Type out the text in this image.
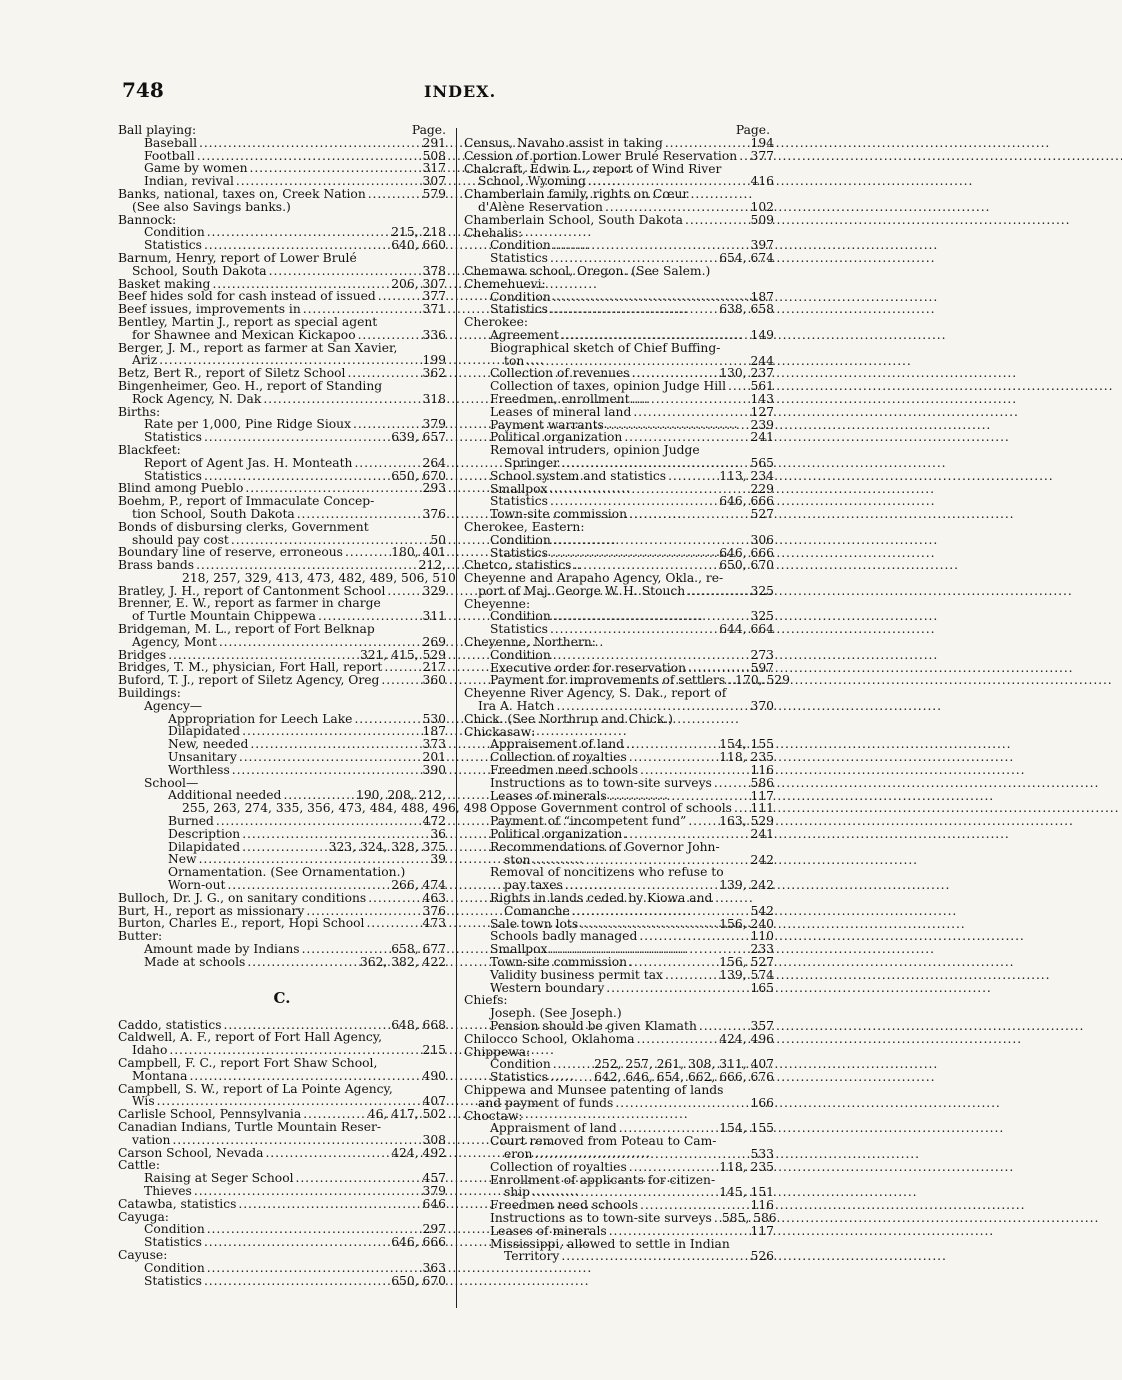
748	INDEX.
Ball playing:	Page.
Baseball . . .	291
Football . . .	508
Game by women . . .	317
Indian, revival . . .	307
Banks, national, taxes on, Creek Nation . . .	579
(See also Savings banks.)
Bannock:
Condition . . .	215, 218
Statistics . . .	640, 660
Barnum, Henry, report of Lower Brulé
School, South Dakota . . .	378
Basket making . . .	206, 307
Beef hides sold for cash instead of issued . . .	377
Beef issues, improvements in . . .	371
Bentley, Martin J., report as special agent
for Shawnee and Mexican Kickapoo . . .	336
Berger, J. M., report as farmer at San Xavier,
Ariz . . .	199
Betz, Bert R., report of Siletz School . . .	362
Bingenheimer, Geo. H., report of Standing
Rock Agency, N. Dak . . .	318
Births:
Rate per 1,000, Pine Ridge Sioux . . .	379
Statistics . . .	639, 657
Blackfeet:
Report of Agent Jas. H. Monteath . . .	264
Statistics . . .	650, 670
Blind among Pueblo . . .	293
Boehm, P., report of Immaculate Concep-
tion School, South Dakota . . .	376
Bonds of disbursing clerks, Government
should pay cost . . .	50
Boundary line of reserve, erroneous . . .	180, 401
Brass bands . . .	212,
218, 257, 329, 413, 473, 482, 489, 506, 510
Bratley, J. H., report of Cantonment School . . .	329
Brenner, E. W., report as farmer in charge
of Turtle Mountain Chippewa . . .	311
Bridgeman, M. L., report of Fort Belknap
Agency, Mont . . .	269
Bridges . . .	321, 415, 529
Bridges, T. M., physician, Fort Hall, report . . .	217
Buford, T. J., report of Siletz Agency, Oreg . . .	360
Buildings:
Agency—
Appropriation for Leech Lake . . .	530
Dilapidated . . .	187
New, needed . . .	373
Unsanitary . . .	201
Worthless . . .	390
School—
Additional needed . . .	190, 208, 212,
255, 263, 274, 335, 356, 473, 484, 488, 496, 498
Burned . . .	472
Description . . .	36
Dilapidated . . .	323, 324, 328, 375
New . . .	39
Ornamentation. (See Ornamentation.)
Worn-out . . .	266, 474
Bulloch, Dr. J. G., on sanitary conditions . . .	463
Burt, H., report as missionary . . .	376
Burton, Charles E., report, Hopi School . . .	473
Butter:
Amount made by Indians . . .	658, 677
Made at schools . . .	362, 382, 422
C.
Caddo, statistics . . .	648, 668
Caldwell, A. F., report of Fort Hall Agency,
Idaho . . .	215
Campbell, F. C., report Fort Shaw School,
Montana . . .	490
Campbell, S. W., report of La Pointe Agency,
Wis . . .	407
Carlisle School, Pennsylvania . . .	46, 417, 502
Canadian Indians, Turtle Mountain Reser-
vation . . .	308
Carson School, Nevada . . .	424, 492
Cattle:
Raising at Seger School . . .	457
Thieves . . .	379
Catawba, statistics . . .	646
Cayuga:
Condition . . .	297
Statistics . . .	646, 666
Cayuse:
Condition . . .	363
Statistics . . .	650, 670
Page.
Census, Navaho assist in taking . . .	194
Cession of portion Lower Brulé Reservation . . . 377
Chalcraft, Edwin L., report of Wind River
School, Wyoming . . .	416
Chamberlain family, rights on Cœur
d'Alène Reservation . . .	102
Chamberlain School, South Dakota . . .	509
Chehalis:
Condition . . .	397
Statistics . . .	654, 674
Chemawa school, Oregon. (See Salem.)
Chemehuevi:
Condition . . .	187
Statistics . . .	638, 658
Cherokee:
Agreement . . .	149
Biographical sketch of Chief Buffing-
ton . . .	244
Collection of revenues . . .	130, 237
Collection of taxes, opinion Judge Hill . . . 561
Freedmen, enrollment . . .	143
Leases of mineral land . . .	127
Payment warrants . . .	239
Political organization . . .	241
Removal intruders, opinion Judge
Springer . . .	565
School system and statistics . . .	113, 234
Smallpox . . .	229
Statistics . . .	646, 666
Town-site commission . . .	527
Cherokee, Eastern:
Condition . . .	306
Statistics . . .	646, 666
Chetco, statistics . . .	650, 670
Cheyenne and Arapaho Agency, Okla., re-
port of Maj. George W. H. Stouch . . .	325
Cheyenne:
Condition . . .	325
Statistics . . .	644, 664
Cheyenne, Northern:
Condition . . .	273
Executive order for reservation . . .	597
Payment for improvements of settlers . . . 170, 529
Cheyenne River Agency, S. Dak., report of
Ira A. Hatch . . .	370
Chick. (See Northrup and Chick.)
Chickasaw:
Appraisement of land . . .	154, 155
Collection of royalties . . .	118, 235
Freedmen need schools . . .	116
Instructions as to town-site surveys . . .	586
Leases of minerals . . .	117
Oppose Government control of schools . . . 111
Payment of “incompetent fund” . . .	163, 529
Political organization . . .	241
Recommendations of Governor John-
ston . . .	242
Removal of noncitizens who refuse to
pay taxes . . .	139, 242
Rights in lands ceded by Kiowa and
Comanche . . .	542
Sale town lots . . .	156, 240
Schools badly managed . . .	110
Smallpox . . .	233
Town-site commission . . .	156, 527
Validity business permit tax . . .	139, 574
Western boundary . . .	165
Chiefs:
Joseph. (See Joseph.)
Pension should be given Klamath . . .	357
Chilocco School, Oklahoma . . .	424, 496
Chippewa:
Condition . . .	252, 257, 261, 308, 311, 407
Statistics . . .	642, 646, 654, 662, 666, 676
Chippewa and Munsee patenting of lands
and payment of funds . . .	166
Choctaw:
Appraisment of land . . .	154, 155
Court removed from Poteau to Cam-
eron . . .	533
Collection of royalties . . .	118, 235
Enrollment of applicants for citizen-
ship . . .	145, 151
Freedmen need schools . . .	116
Instructions as to town-site surveys . . . 585, 586
Leases of minerals . . .	117
Mississippi, allowed to settle in Indian
Territory . . .	526
